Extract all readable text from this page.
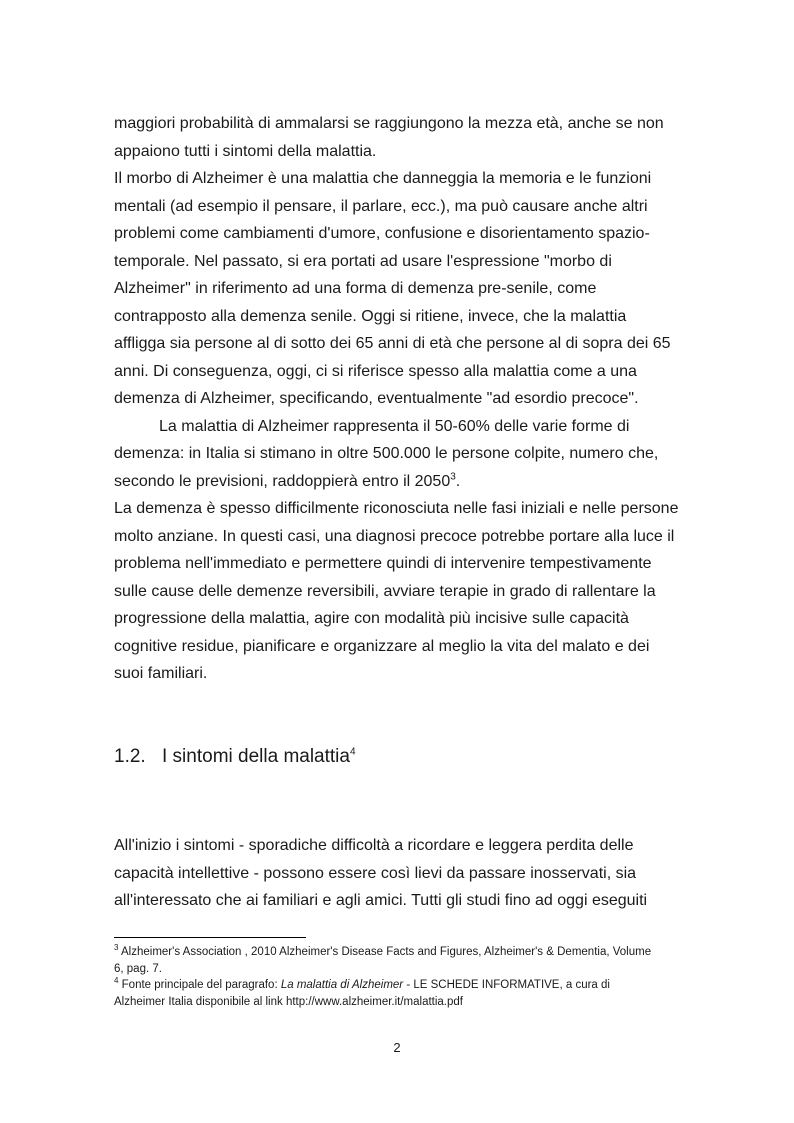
maggiori probabilità di ammalarsi se raggiungono la mezza età, anche se non
appaiono tutti i sintomi della malattia.
Il morbo di Alzheimer è una malattia che danneggia la memoria e le funzioni
mentali (ad esempio il pensare, il parlare, ecc.), ma può causare anche altri
problemi come cambiamenti d'umore, confusione e disorientamento spazio-
temporale. Nel passato, si era portati ad usare l'espressione "morbo di
Alzheimer" in riferimento ad una forma di demenza pre-senile, come
contrapposto alla demenza senile. Oggi si ritiene, invece, che la malattia
affligga sia persone al di sotto dei 65 anni di età che persone al di sopra dei 65
anni. Di conseguenza, oggi, ci si riferisce spesso alla malattia come a una
demenza di Alzheimer, specificando, eventualmente "ad esordio precoce".
La malattia di Alzheimer rappresenta il 50-60% delle varie forme di
demenza: in Italia si stimano in oltre 500.000 le persone colpite, numero che,
secondo le previsioni, raddoppierà entro il 2050$^3$.
La demenza è spesso difficilmente riconosciuta nelle fasi iniziali e nelle persone
molto anziane. In questi casi, una diagnosi precoce potrebbe portare alla luce il
problema nell'immediato e permettere quindi di intervenire tempestivamente
sulle cause delle demenze reversibili, avviare terapie in grado di rallentare la
progressione della malattia, agire con modalità più incisive sulle capacità
cognitive residue, pianificare e organizzare al meglio la vita del malato e dei
suoi familiari.
1.2. I sintomi della malattia$^4$
All'inizio i sintomi - sporadiche difficoltà a ricordare e leggera perdita delle
capacità intellettive - possono essere così lievi da passare inosservati, sia
all'interessato che ai familiari e agli amici. Tutti gli studi fino ad oggi eseguiti
$^3$ Alzheimer's Association , 2010 Alzheimer's Disease Facts and Figures, Alzheimer's & Dementia, Volume
6, pag. 7.
$^4$ Fonte principale del paragrafo: La malattia di Alzheimer - LE SCHEDE INFORMATIVE, a cura di
Alzheimer Italia disponibile al link http://www.alzheimer.it/malattia.pdf
2
